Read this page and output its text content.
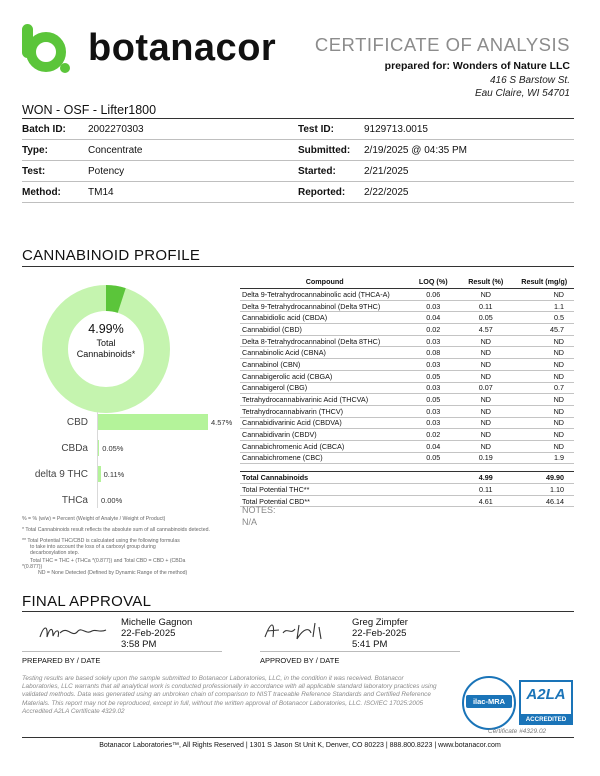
botanacor CERTIFICATE OF ANALYSIS
prepared for: Wonders of Nature LLC
416 S Barstow St.
Eau Claire, WI 54701
WON - OSF - Lifter1800
Batch ID: 2002270303	Test ID:	9129713.0015
Type:	Concentrate	Submitted: 2/19/2025 @ 04:35 PM
Test:	Potency	Started:	2/21/2025
Method:	TM14	Reported: 2/22/2025
CANNABINOID PROFILE
4.99%
Total
Cannabinoids*
CBD	4.57%
CBDa 0.05%
delta 9 THC 0.11%
THCa 0.00%
Compound	LOQ (%)	Result (%)	Result (mg/g)
Delta 9-Tetrahydrocannabinolic acid (THCA-A)	0.06	ND	ND
Delta 9-Tetrahydrocannabinol (Delta 9THC)	0.03	0.11	1.1
Cannabidiolic acid (CBDA)	0.04	0.05	0.5
Cannabidiol (CBD)	0.02	4.57	45.7
Delta 8-Tetrahydrocannabinol (Delta 8THC)	0.03	ND	ND
Cannabinolic Acid (CBNA)	0.08	ND	ND
Cannabinol (CBN)	0.03	ND	ND
Cannabigerolic acid (CBGA)	0.05	ND	ND
Cannabigerol (CBG)	0.03	0.07	0.7
Tetrahydrocannabivarinic Acid (THCVA)	0.05	ND	ND
Tetrahydrocannabivarin (THCV)	0.03	ND	ND
Cannabidivarinic Acid (CBDVA)	0.03	ND	ND
Cannabidivarin (CBDV)	0.02	ND	ND
Cannabichromenic Acid (CBCA)	0.04	ND	ND
Cannabichromene (CBC)	0.05	0.19	1.9

Total Cannabinoids		4.99	49.90
Total Potential THC**		0.11	1.10
Total Potential CBD**		4.61	46.14
% = % (w/w) = Percent (Weight of Analyte / Weight of Product)
* Total Cannabinoids result reflects the absolute sum of all cannabinoids detected.
** Total Potential THC/CBD is calculated using the following formulas
to take into account the loss of a carboxyl group during
decarboxylation step.
Total THC = THC + (THCa *(0.877)) and Total CBD = CBD + (CBDa
*(0.877))
ND = None Detected (Defined by Dynamic Range of the method)
NOTES:
N/A
FINAL APPROVAL
Michelle Gagnon
22-Feb-2025
3:58 PM
PREPARED BY / DATE
Greg Zimpfer
22-Feb-2025
5:41 PM
APPROVED BY / DATE
Testing results are based solely upon the sample submitted to Botanacor Laboratories, LLC, in the condition it was received. Botanacor Laboratories, LLC warrants that all analytical work is conducted professionally in accordance with all applicable standard laboratory practices using validated methods. Data was generated using an unbroken chain of comparison to NIST traceable Reference Standards and Certified Reference Materials. This report may not be reproduced, except in full, without the written approval of Botanacor Laboratories, LLC. ISO/IEC 17025:2005 Accredited A2LA Certificate 4329.02
ilac-MRA	A2LA
ACCREDITED
Certificate #4329.02
Botanacor Laboratories™, All Rights Reserved | 1301 S Jason St Unit K, Denver, CO 80223 | 888.800.8223 | www.botanacor.com
